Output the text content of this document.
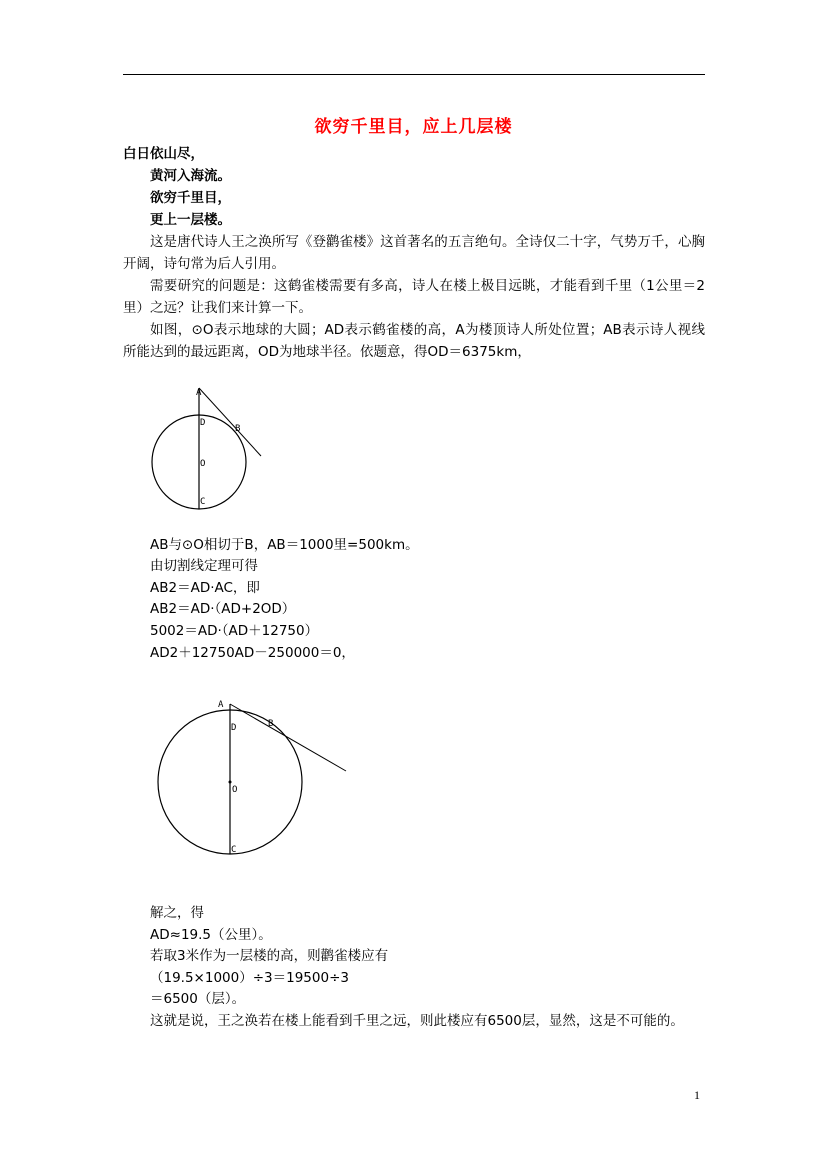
欲穷千里目，应上几层楼
白日依山尽，
黄河入海流。
欲穷千里目，
更上一层楼。
这是唐代诗人王之涣所写《登鹳雀楼》这首著名的五言绝句。全诗仅二十字，气势万千，心胸开阔，诗句常为后人引用。
需要研究的问题是：这鹤雀楼需要有多高，诗人在楼上极目远眺，才能看到千里（1公里＝2里）之远？让我们来计算一下。
如图，⊙O表示地球的大圆；AD表示鹤雀楼的高，A为楼顶诗人所处位置；AB表示诗人视线所能达到的最远距离，OD为地球半径。依题意，得OD＝6375km，
A
D
B
O
C
AB与⊙O相切于B，AB＝1000里=500km。
由切割线定理可得
AB2＝AD·AC，即
AB2＝AD·（AD+2OD）
5002＝AD·（AD＋12750）
AD2＋12750AD－250000＝0，
A
D	B
O
C
解之，得
AD≈19.5（公里）。
若取3米作为一层楼的高，则鹳雀楼应有
（19.5×1000）÷3＝19500÷3
＝6500（层）。
这就是说，王之涣若在楼上能看到千里之远，则此楼应有6500层，显然，这是不可能的。
1
